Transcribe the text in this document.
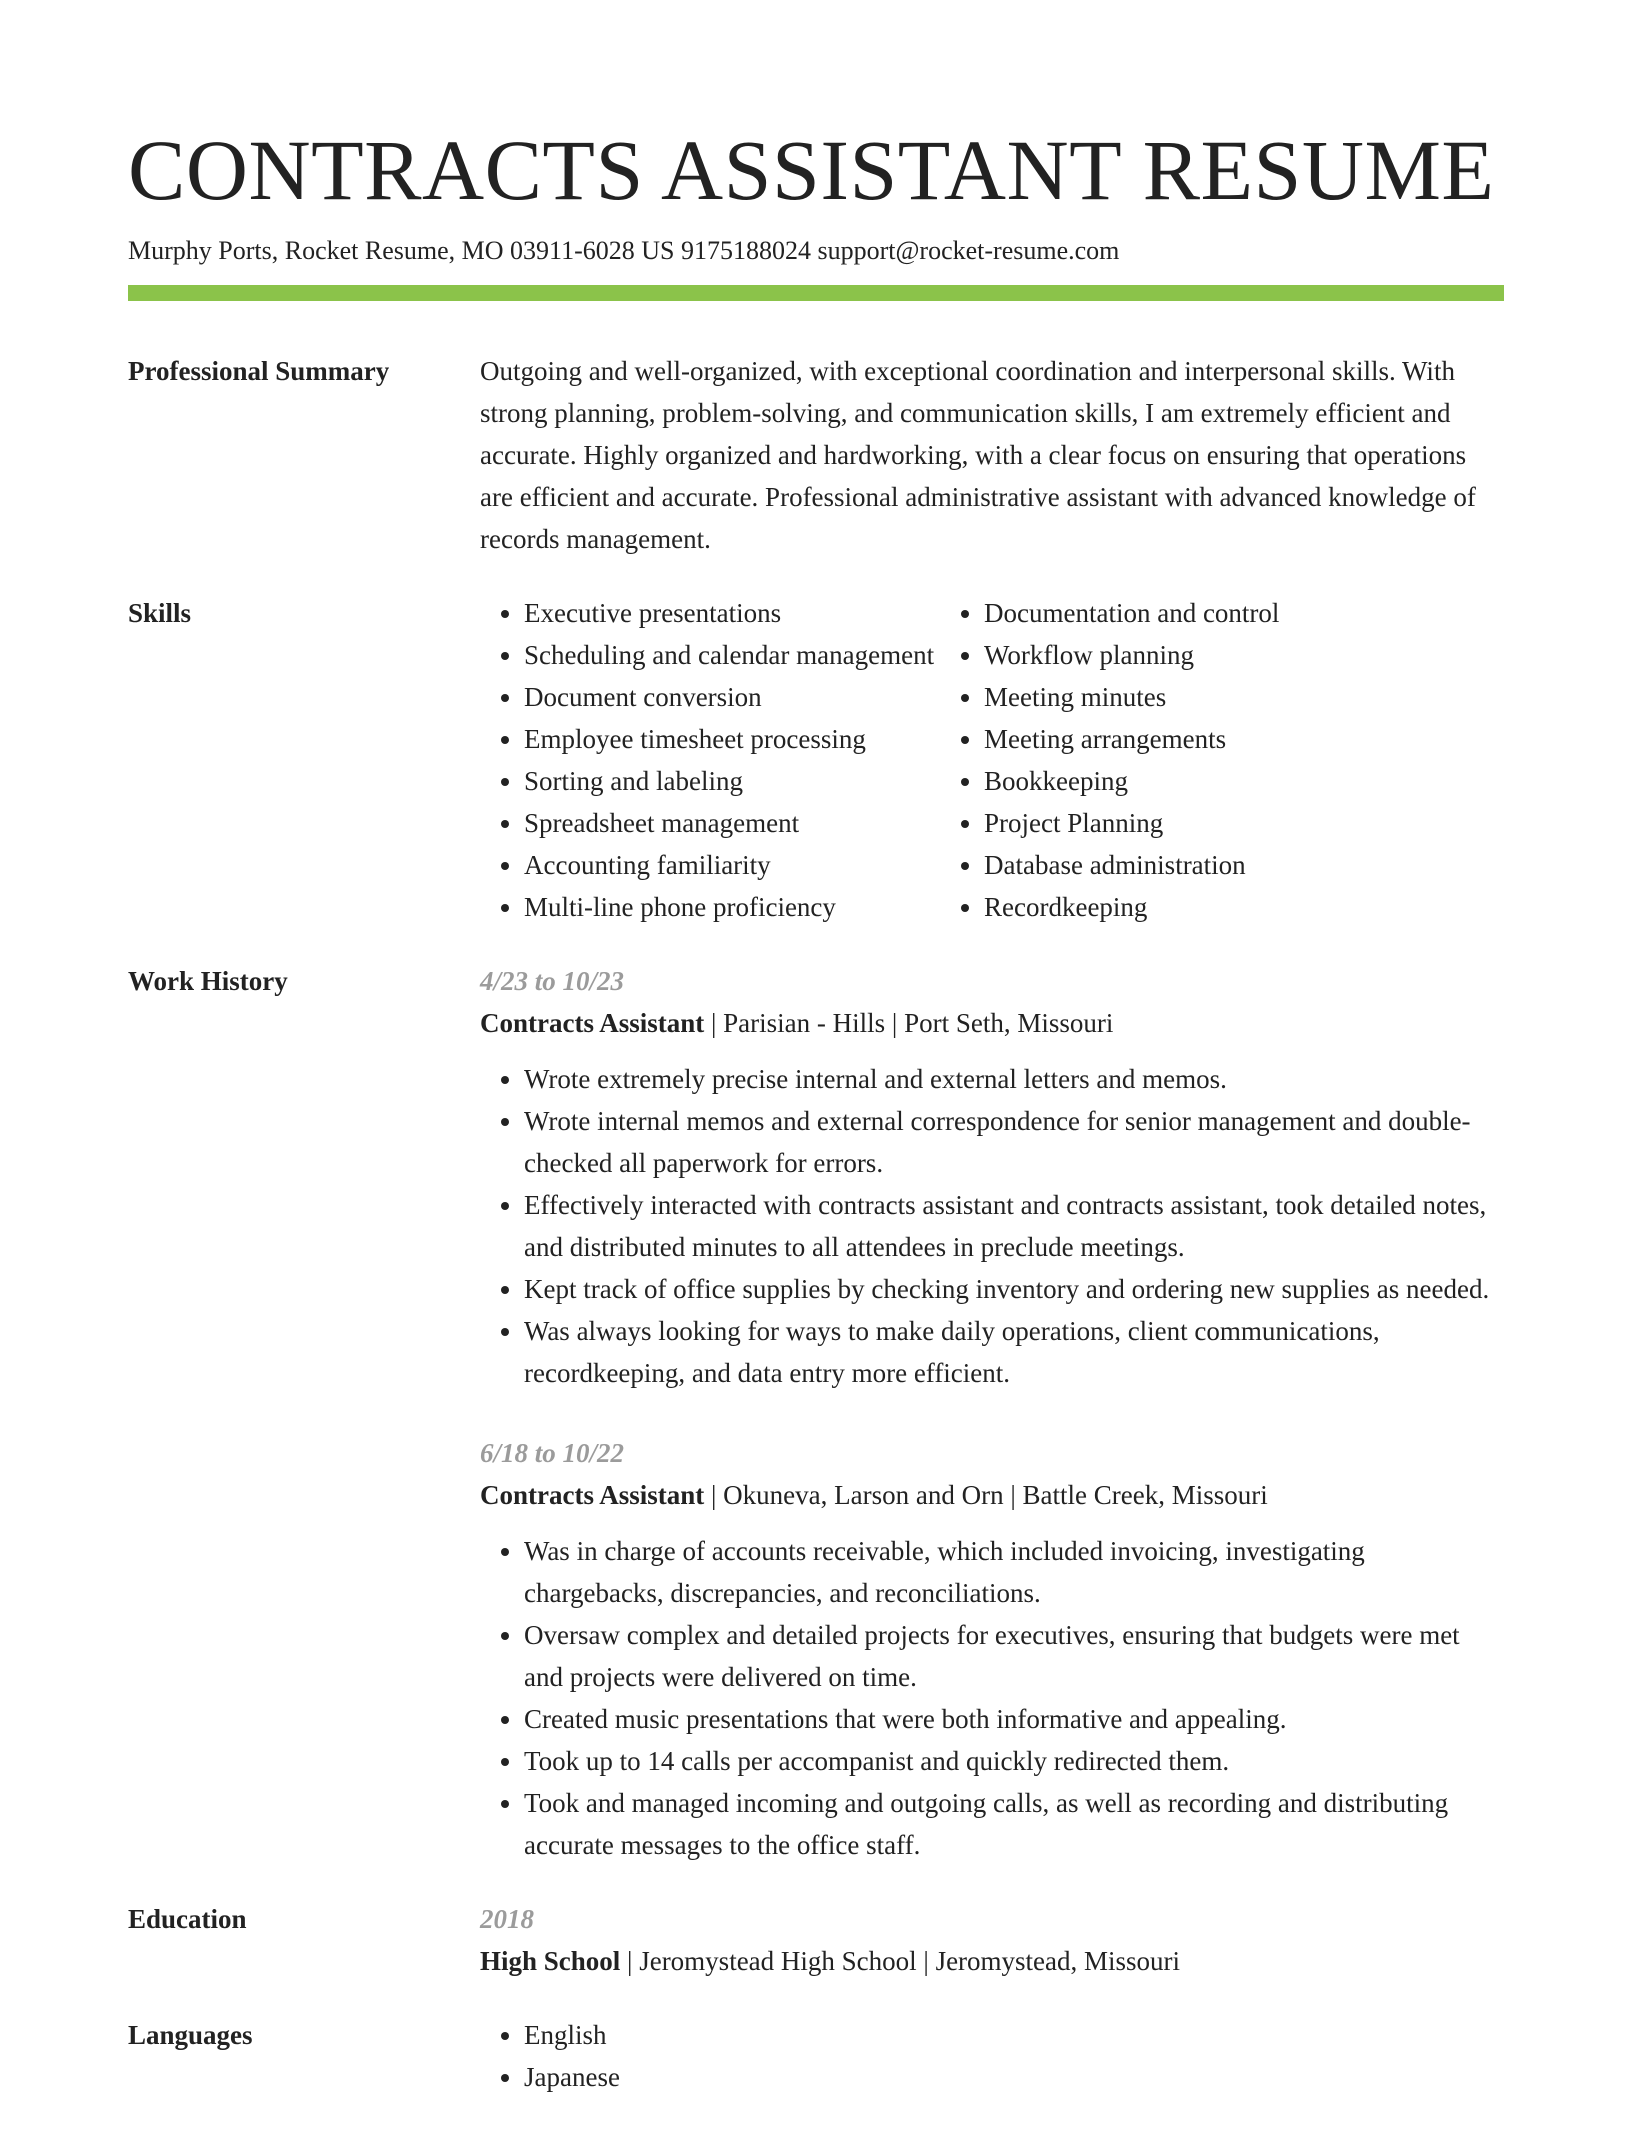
CONTRACTS ASSISTANT RESUME
Murphy Ports, Rocket Resume, MO 03911-6028 US 9175188024 support@rocket-resume.com
Professional Summary	Outgoing and well-organized, with exceptional coordination and interpersonal skills. With strong planning, problem-solving, and communication skills, I am extremely efficient and accurate. Highly organized and hardworking, with a clear focus on ensuring that operations are efficient and accurate. Professional administrative assistant with advanced knowledge of records management.

Skills	• Executive presentations
• Scheduling and calendar management
• Document conversion
• Employee timesheet processing
• Sorting and labeling
• Spreadsheet management
• Accounting familiarity
• Multi-line phone proficiency
• Documentation and control
• Workflow planning
• Meeting minutes
• Meeting arrangements
• Bookkeeping
• Project Planning
• Database administration
• Recordkeeping
Work History	4/23 to 10/23
Contracts Assistant | Parisian - Hills | Port Seth, Missouri
• Wrote extremely precise internal and external letters and memos.
• Wrote internal memos and external correspondence for senior management and double-checked all paperwork for errors.
• Effectively interacted with contracts assistant and contracts assistant, took detailed notes, and distributed minutes to all attendees in preclude meetings.
• Kept track of office supplies by checking inventory and ordering new supplies as needed.
• Was always looking for ways to make daily operations, client communications, recordkeeping, and data entry more efficient.
6/18 to 10/22
Contracts Assistant | Okuneva, Larson and Orn | Battle Creek, Missouri
• Was in charge of accounts receivable, which included invoicing, investigating chargebacks, discrepancies, and reconciliations.
• Oversaw complex and detailed projects for executives, ensuring that budgets were met and projects were delivered on time.
• Created music presentations that were both informative and appealing.
• Took up to 14 calls per accompanist and quickly redirected them.
• Took and managed incoming and outgoing calls, as well as recording and distributing accurate messages to the office staff.
Education	2018
High School | Jeromystead High School | Jeromystead, Missouri
Languages	• English
• Japanese
